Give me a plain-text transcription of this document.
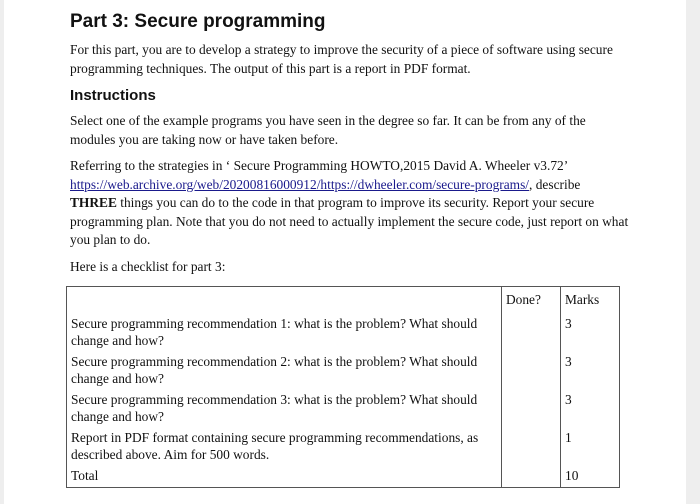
Part 3: Secure programming

For this part, you are to develop a strategy to improve the security of a piece of software using secure programming techniques. The output of this part is a report in PDF format.

Instructions

Select one of the example programs you have seen in the degree so far. It can be from any of the modules you are taking now or have taken before.

Referring to the strategies in ‘ Secure Programming HOWTO,2015 David A. Wheeler v3.72’ https://web.archive.org/web/20200816000912/https://dwheeler.com/secure-programs/, describe THREE things you can do to the code in that program to improve its security. Report your secure programming plan. Note that you do not need to actually implement the secure code, just report on what you plan to do.

Here is a checklist for part 3:

	Done?	Marks
Secure programming recommendation 1: what is the problem? What should change and how?		3
Secure programming recommendation 2: what is the problem? What should change and how?		3
Secure programming recommendation 3: what is the problem? What should change and how?		3
Report in PDF format containing secure programming recommendations, as described above. Aim for 500 words.		1
Total		10
